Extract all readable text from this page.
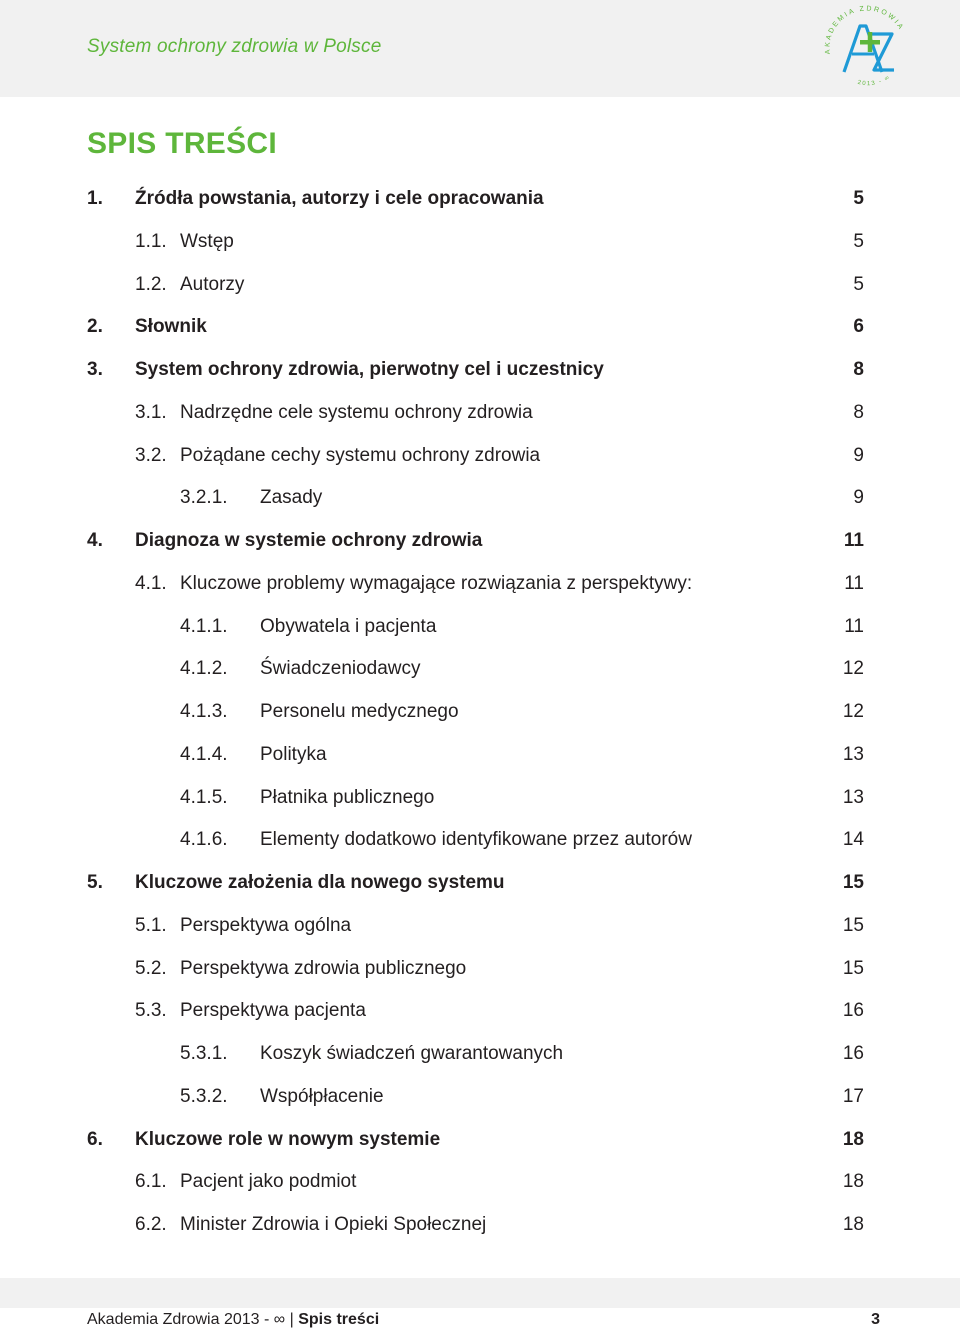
System ochrony zdrowia w Polsce	AKADEMIA ZDROWIA
2013 - ∞
SPIS TREŚCI
1. Źródła powstania, autorzy i cele opracowania	5
1.1. Wstęp	5
1.2. Autorzy	5
2. Słownik	6
3. System ochrony zdrowia, pierwotny cel i uczestnicy	8
3.1. Nadrzędne cele systemu ochrony zdrowia	8
3.2. Pożądane cechy systemu ochrony zdrowia	9
3.2.1. Zasady	9
4. Diagnoza w systemie ochrony zdrowia	11
4.1. Kluczowe problemy wymagające rozwiązania z perspektywy:	11
4.1.1. Obywatela i pacjenta	11
4.1.2. Świadczeniodawcy	12
4.1.3. Personelu medycznego	12
4.1.4. Polityka	13
4.1.5. Płatnika publicznego	13
4.1.6. Elementy dodatkowo identyfikowane przez autorów	14
5. Kluczowe założenia dla nowego systemu	15
5.1. Perspektywa ogólna	15
5.2. Perspektywa zdrowia publicznego	15
5.3. Perspektywa pacjenta	16
5.3.1. Koszyk świadczeń gwarantowanych	16
5.3.2. Współpłacenie	17
6. Kluczowe role w nowym systemie	18
6.1. Pacjent jako podmiot	18
6.2. Minister Zdrowia i Opieki Społecznej	18
Akademia Zdrowia 2013 - ∞ | Spis treści	3
